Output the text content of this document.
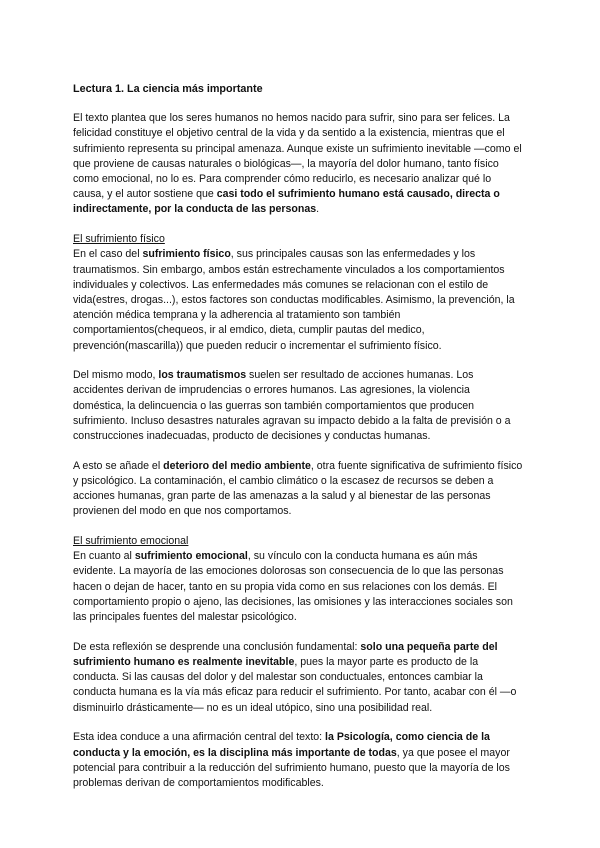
Lectura 1. La ciencia más importante

El texto plantea que los seres humanos no hemos nacido para sufrir, sino para ser felices. La felicidad constituye el objetivo central de la vida y da sentido a la existencia, mientras que el sufrimiento representa su principal amenaza. Aunque existe un sufrimiento inevitable —como el que proviene de causas naturales o biológicas—, la mayoría del dolor humano, tanto físico como emocional, no lo es. Para comprender cómo reducirlo, es necesario analizar qué lo causa, y el autor sostiene que casi todo el sufrimiento humano está causado, directa o indirectamente, por la conducta de las personas.

El sufrimiento físico

En el caso del sufrimiento físico, sus principales causas son las enfermedades y los traumatismos. Sin embargo, ambos están estrechamente vinculados a los comportamientos individuales y colectivos. Las enfermedades más comunes se relacionan con el estilo de vida(estres, drogas...), estos factores son conductas modificables. Asimismo, la prevención, la atención médica temprana y la adherencia al tratamiento son también comportamientos(chequeos, ir al emdico, dieta, cumplir pautas del medico, prevención(mascarilla)) que pueden reducir o incrementar el sufrimiento físico.

Del mismo modo, los traumatismos suelen ser resultado de acciones humanas. Los accidentes derivan de imprudencias o errores humanos. Las agresiones, la violencia doméstica, la delincuencia o las guerras son también comportamientos que producen sufrimiento. Incluso desastres naturales agravan su impacto debido a la falta de previsión o a construcciones inadecuadas, producto de decisiones y conductas humanas.

A esto se añade el deterioro del medio ambiente, otra fuente significativa de sufrimiento físico y psicológico. La contaminación, el cambio climático o la escasez de recursos se deben a acciones humanas, gran parte de las amenazas a la salud y al bienestar de las personas provienen del modo en que nos comportamos.

El sufrimiento emocional

En cuanto al sufrimiento emocional, su vínculo con la conducta humana es aún más evidente. La mayoría de las emociones dolorosas son consecuencia de lo que las personas hacen o dejan de hacer, tanto en su propia vida como en sus relaciones con los demás. El comportamiento propio o ajeno, las decisiones, las omisiones y las interacciones sociales son las principales fuentes del malestar psicológico.

De esta reflexión se desprende una conclusión fundamental: solo una pequeña parte del sufrimiento humano es realmente inevitable, pues la mayor parte es producto de la conducta. Si las causas del dolor y del malestar son conductuales, entonces cambiar la conducta humana es la vía más eficaz para reducir el sufrimiento. Por tanto, acabar con él —o disminuirlo drásticamente— no es un ideal utópico, sino una posibilidad real.

Esta idea conduce a una afirmación central del texto: la Psicología, como ciencia de la conducta y la emoción, es la disciplina más importante de todas, ya que posee el mayor potencial para contribuir a la reducción del sufrimiento humano, puesto que la mayoría de los problemas derivan de comportamientos modificables.
